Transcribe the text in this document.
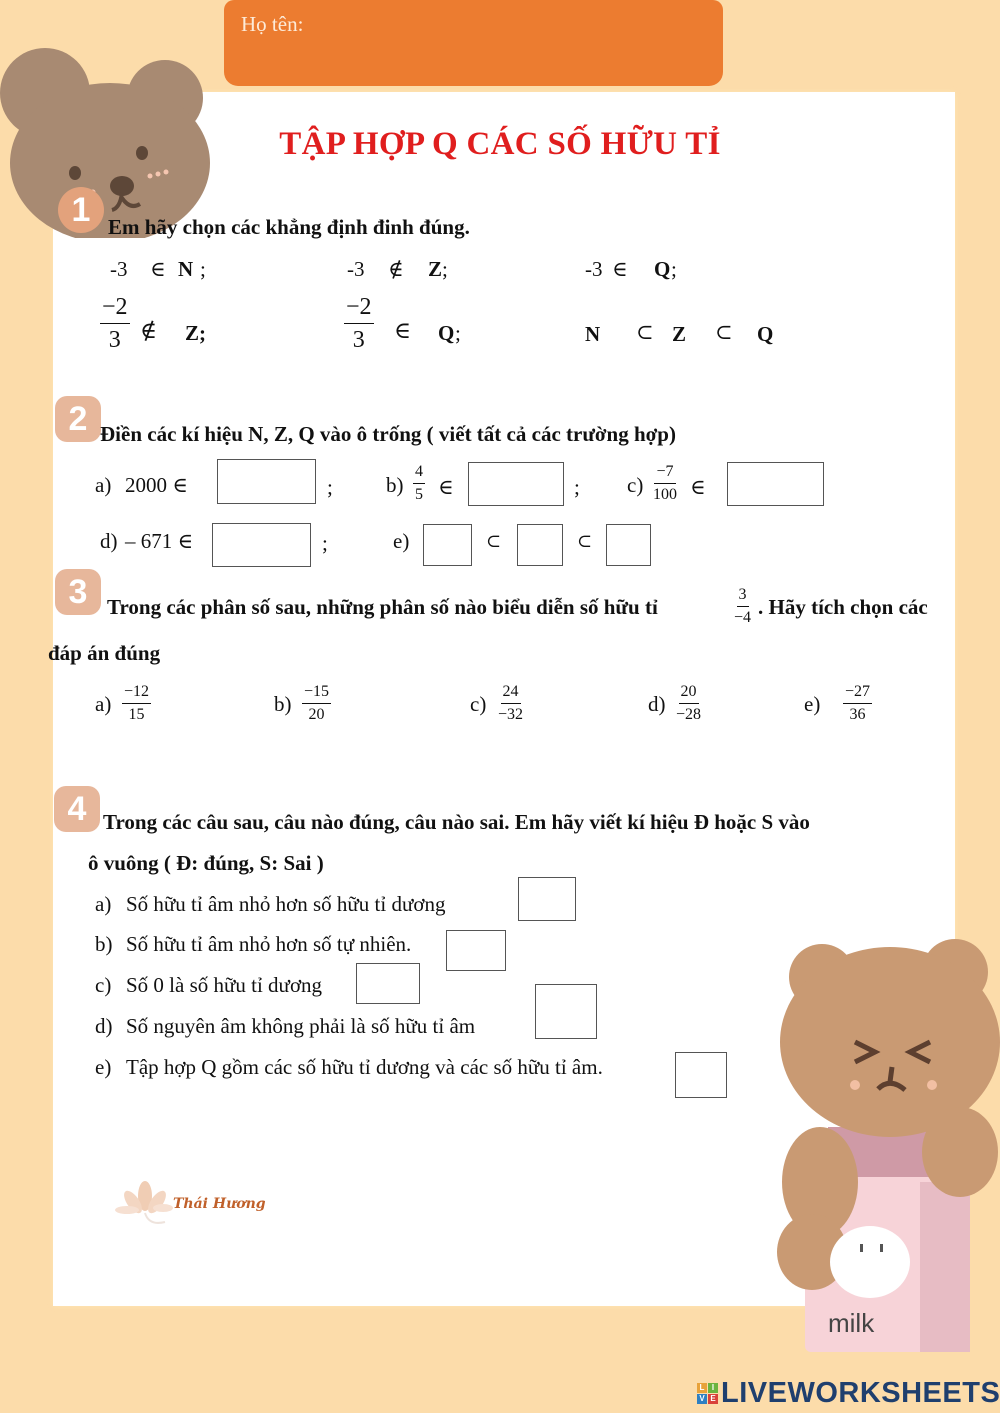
Họ tên:
TẬP HỢP Q CÁC SỐ HỮU TỈ
1 Em hãy chọn các khẳng định đinh đúng.
-3 ∈ N ;	-3 ∉ Z ;	-3 ∈ Q ;
$\frac{-2}{3}$ ∉ Z ;	$\frac{-2}{3}$ ∈ Q ;	N ⊂ Z ⊂ Q
2 Điền các kí hiệu N, Z, Q vào ô trống ( viết tất cả các trường hợp)
a) 2000 ∈	;	$b) \frac{4}{5}$ ∈	; $c) \frac{-7}{100}$ ∈
d) – 671 ∈	;	e)	⊂	⊂
3 Trong các phân số sau, những phân số nào biểu diễn số hữu tỉ	$\frac{3}{-4}$ . Hãy tích chọn các
đáp án đúng
$a) \frac{-12}{15}$	$b) \frac{-15}{20}$	$c) \frac{24}{-32}$	$d) \frac{20}{-28}$	$e) \frac{-27}{36}$
4 Trong các câu sau, câu nào đúng, câu nào sai. Em hãy viết kí hiệu Đ hoặc S vào
ô vuông ( Đ: đúng, S: Sai )
a) Số hữu tỉ âm nhỏ hơn số hữu tỉ dương
b) Số hữu tỉ âm nhỏ hơn số tự nhiên.
c) Số 0 là số hữu tỉ dương
d) Số nguyên âm không phải là số hữu tỉ âm
e) Tập hợp Q gồm các số hữu tỉ dương và các số hữu tỉ âm.
Thái Hương
milk
L I
V E LIVEWORKSHEETS
